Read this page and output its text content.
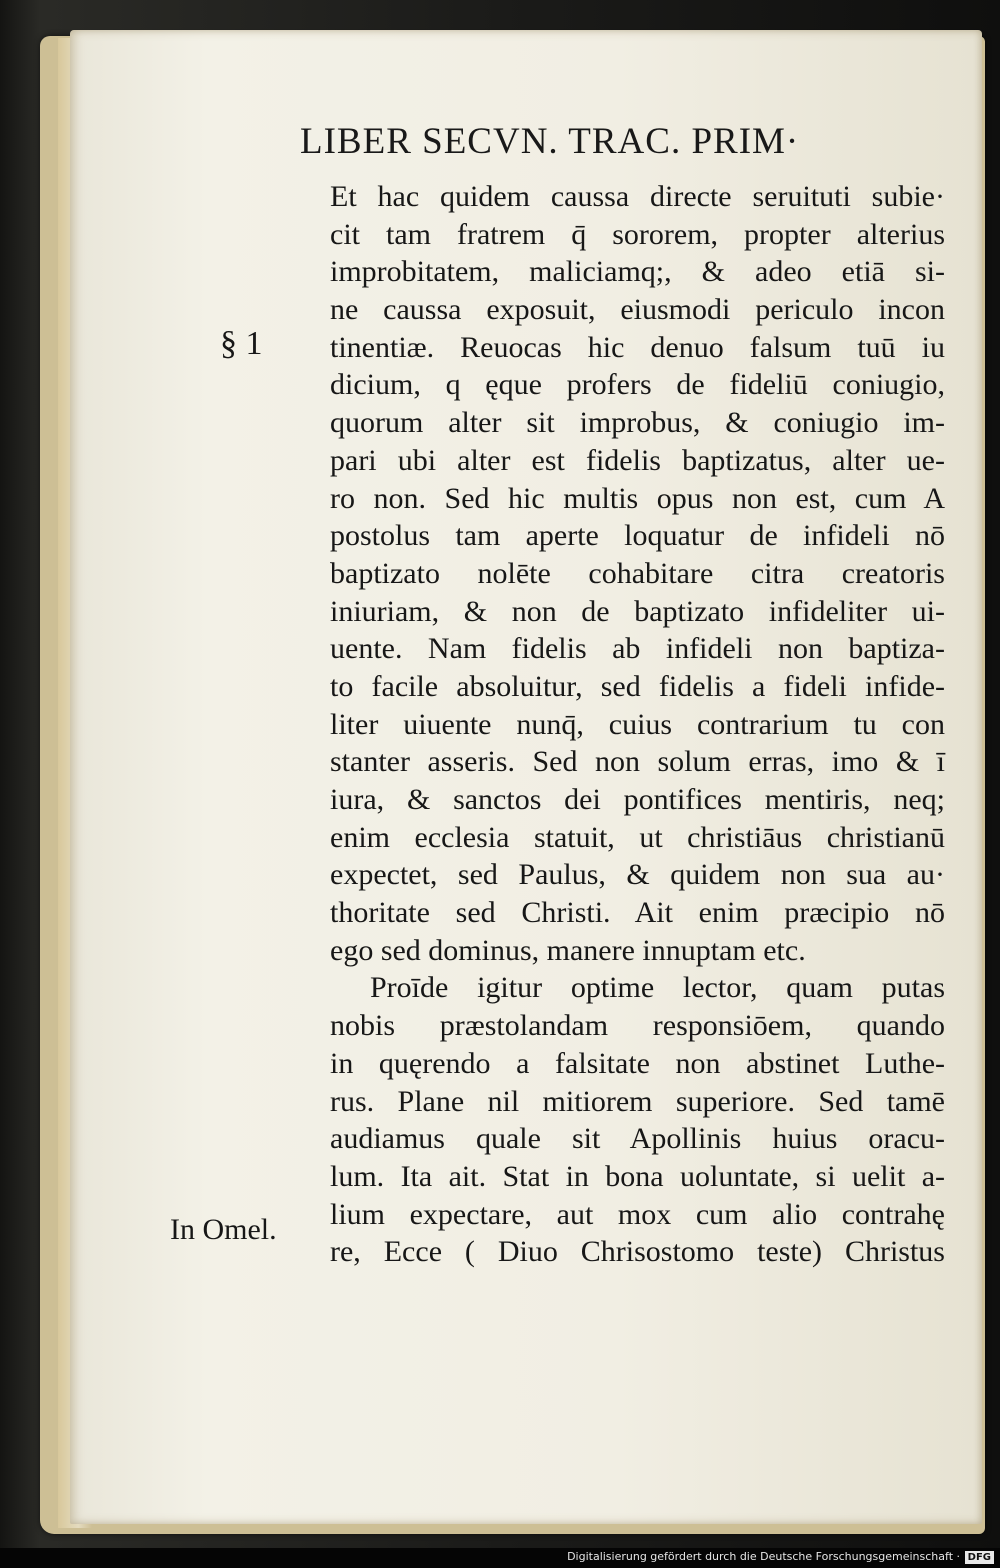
LIBER SECVN. TRAC. PRIM·
§ 1
In Omel.
Et hac quidem caussa directe seruituti subie·
cit tam fratrem q̄ sororem, propter alterius
improbitatem, maliciamq;, & adeo etiā si-
ne caussa exposuit, eiusmodi periculo incon
tinentiæ. Reuocas hic denuo falsum tuū iu
dicium, q ęque profers de fideliū coniugio,
quorum alter sit improbus, & coniugio im-
pari ubi alter est fidelis baptizatus, alter ue-
ro non. Sed hic multis opus non est, cum A
postolus tam aperte loquatur de infideli nō
baptizato nolēte cohabitare citra creatoris
iniuriam, & non de baptizato infideliter ui-
uente. Nam fidelis ab infideli non baptiza-
to facile absoluitur, sed fidelis a fideli infide-
liter uiuente nunq̄, cuius contrarium tu con
stanter asseris. Sed non solum erras, imo & ī
iura, & sanctos dei pontifices mentiris, neq;
enim ecclesia statuit, ut christiāus christianū
expectet, sed Paulus, & quidem non sua au·
thoritate sed Christi. Ait enim præcipio nō
ego sed dominus, manere innuptam etc.
Proīde igitur optime lector, quam putas
nobis præstolandam responsiōem, quando
in quęrendo a falsitate non abstinet Luthe-
rus. Plane nil mitiorem superiore. Sed tamē
audiamus quale sit Apollinis huius oracu-
lum. Ita ait. Stat in bona uoluntate, si uelit a-
lium expectare, aut mox cum alio contrahę
re, Ecce ( Diuo Chrisostomo teste) Christus
Digitalisierung gefördert durch die Deutsche Forschungsgemeinschaft · DFG
